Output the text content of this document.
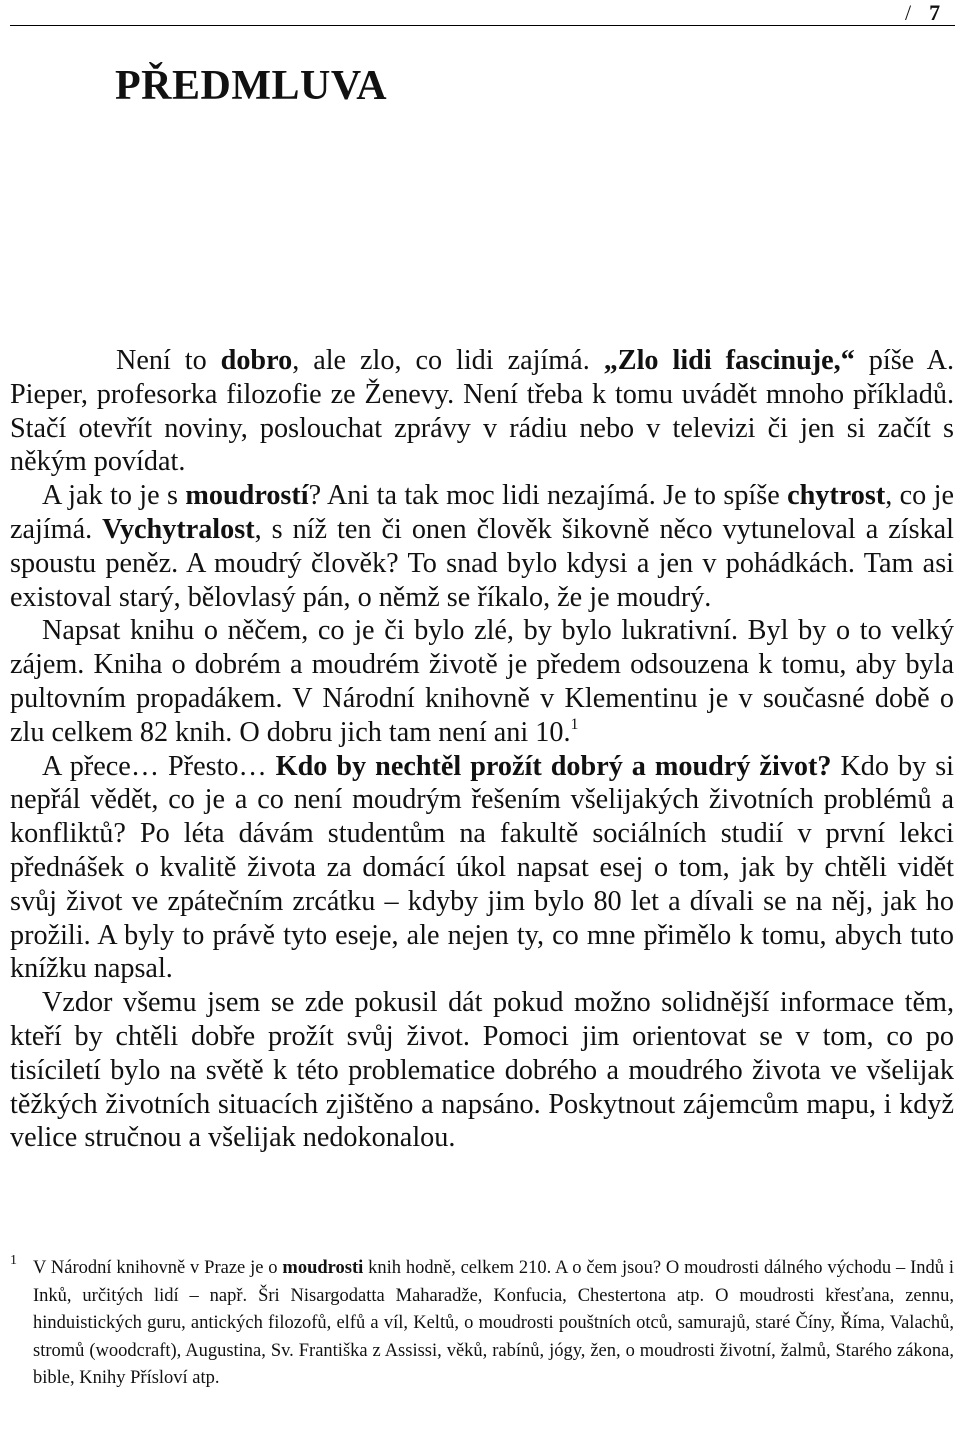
/ 7
PŘEDMLUVA

Není to dobro, ale zlo, co lidi zajímá. „Zlo lidi fascinuje,“ píše A. Pieper, profesorka filozofie ze Ženevy. Není třeba k tomu uvádět mnoho příkladů. Stačí otevřít noviny, poslouchat zprávy v rádiu nebo v televizi či jen si začít s někým povídat.

A jak to je s moudrostí? Ani ta tak moc lidi nezajímá. Je to spíše chytrost, co je zajímá. Vychytralost, s níž ten či onen člověk šikovně něco vytuneloval a získal spoustu peněz. A moudrý člověk? To snad bylo kdysi a jen v pohádkách. Tam asi existoval starý, bělovlasý pán, o němž se říkalo, že je moudrý.

Napsat knihu o něčem, co je či bylo zlé, by bylo lukrativní. Byl by o to velký zájem. Kniha o dobrém a moudrém životě je předem odsouzena k tomu, aby byla pultovním propadákem. V Národní knihovně v Klementinu je v současné době o zlu celkem 82 knih. O dobru jich tam není ani 10.$^1$

A přece… Přesto… Kdo by nechtěl prožít dobrý a moudrý život? Kdo by si nepřál vědět, co je a co není moudrým řešením všelijakých životních problémů a konfliktů? Po léta dávám studentům na fakultě sociálních studií v první lekci přednášek o kvalitě života za domácí úkol napsat esej o tom, jak by chtěli vidět svůj život ve zpátečním zrcátku – kdyby jim bylo 80 let a dívali se na něj, jak ho prožili. A byly to právě tyto eseje, ale nejen ty, co mne přimělo k tomu, abych tuto knížku napsal.

Vzdor všemu jsem se zde pokusil dát pokud možno solidnější informace těm, kteří by chtěli dobře prožít svůj život. Pomoci jim orientovat se v tom, co po tisíciletí bylo na světě k této problematice dobrého a moudrého života ve všelijak těžkých životních situacích zjištěno a napsáno. Poskytnout zájemcům mapu, i když velice stručnou a všelijak nedokonalou.

1 V Národní knihovně v Praze je o moudrosti knih hodně, celkem 210. A o čem jsou? O moudrosti dálného východu – Indů i Inků, určitých lidí – např. Šri Nisargodatta Maharadže, Konfucia, Chestertona atp. O moudrosti křesťana, zennu, hinduistických guru, antických filozofů, elfů a víl, Keltů, o moudrosti pouštních otců, samurajů, staré Číny, Říma, Valachů, stromů (woodcraft), Augustina, Sv. Františka z Assissi, věků, rabínů, jógy, žen, o moudrosti životní, žalmů, Starého zákona, bible, Knihy Přísloví atp.
